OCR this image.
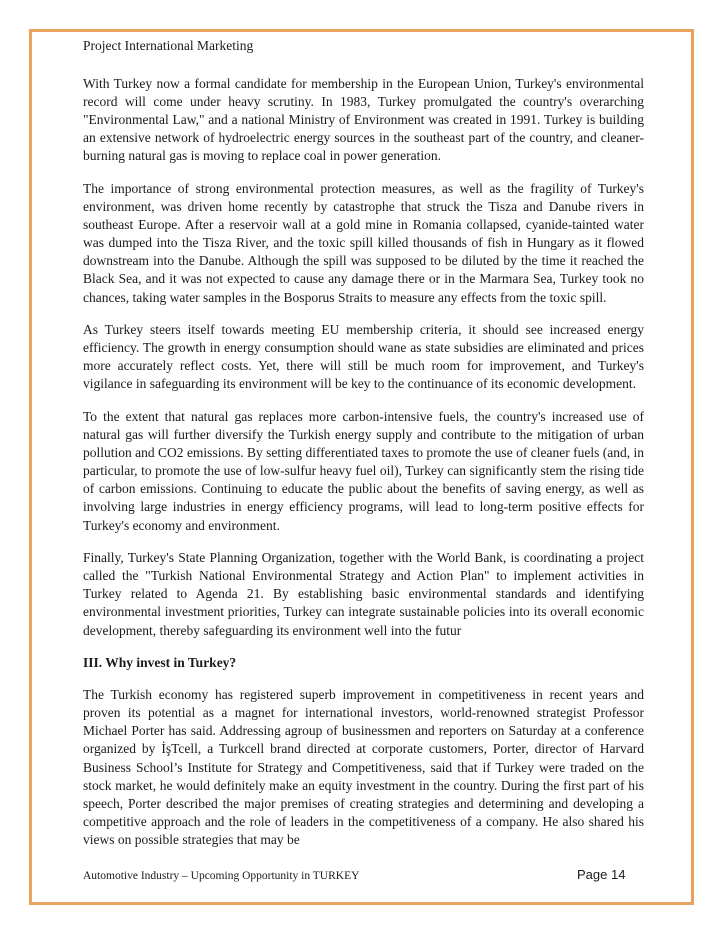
Project International Marketing

With Turkey now a formal candidate for membership in the European Union, Turkey's environmental record will come under heavy scrutiny. In 1983, Turkey promulgated the country's overarching "Environmental Law," and a national Ministry of Environment was created in 1991. Turkey is building an extensive network of hydroelectric energy sources in the southeast part of the country, and cleaner-burning natural gas is moving to replace coal in power generation.

The importance of strong environmental protection measures, as well as the fragility of Turkey's environment, was driven home recently by catastrophe that struck the Tisza and Danube rivers in southeast Europe. After a reservoir wall at a gold mine in Romania collapsed, cyanide-tainted water was dumped into the Tisza River, and the toxic spill killed thousands of fish in Hungary as it flowed downstream into the Danube. Although the spill was supposed to be diluted by the time it reached the Black Sea, and it was not expected to cause any damage there or in the Marmara Sea, Turkey took no chances, taking water samples in the Bosporus Straits to measure any effects from the toxic spill.

As Turkey steers itself towards meeting EU membership criteria, it should see increased energy efficiency. The growth in energy consumption should wane as state subsidies are eliminated and prices more accurately reflect costs. Yet, there will still be much room for improvement, and Turkey's vigilance in safeguarding its environment will be key to the continuance of its economic development.

To the extent that natural gas replaces more carbon-intensive fuels, the country's increased use of natural gas will further diversify the Turkish energy supply and contribute to the mitigation of urban pollution and CO2 emissions. By setting differentiated taxes to promote the use of cleaner fuels (and, in particular, to promote the use of low-sulfur heavy fuel oil), Turkey can significantly stem the rising tide of carbon emissions. Continuing to educate the public about the benefits of saving energy, as well as involving large industries in energy efficiency programs, will lead to long-term positive effects for Turkey's economy and environment.

Finally, Turkey's State Planning Organization, together with the World Bank, is coordinating a project called the "Turkish National Environmental Strategy and Action Plan" to implement activities in Turkey related to Agenda 21. By establishing basic environmental standards and identifying environmental investment priorities, Turkey can integrate sustainable policies into its overall economic development, thereby safeguarding its environment well into the futur

III. Why invest in Turkey?

The Turkish economy has registered superb improvement in competitiveness in recent years and proven its potential as a magnet for international investors, world-renowned strategist Professor Michael Porter has said. Addressing agroup of businessmen and reporters on Saturday at a conference organized by İşTcell, a Turkcell brand directed at corporate customers, Porter, director of Harvard Business School’s Institute for Strategy and Competitiveness, said that if Turkey were traded on the stock market, he would definitely make an equity investment in the country. During the first part of his speech, Porter described the major premises of creating strategies and determining and developing a competitive approach and the role of leaders in the competitiveness of a company. He also shared his views on possible strategies that may be

Automotive Industry – Upcoming Opportunity in TURKEY	Page 14
